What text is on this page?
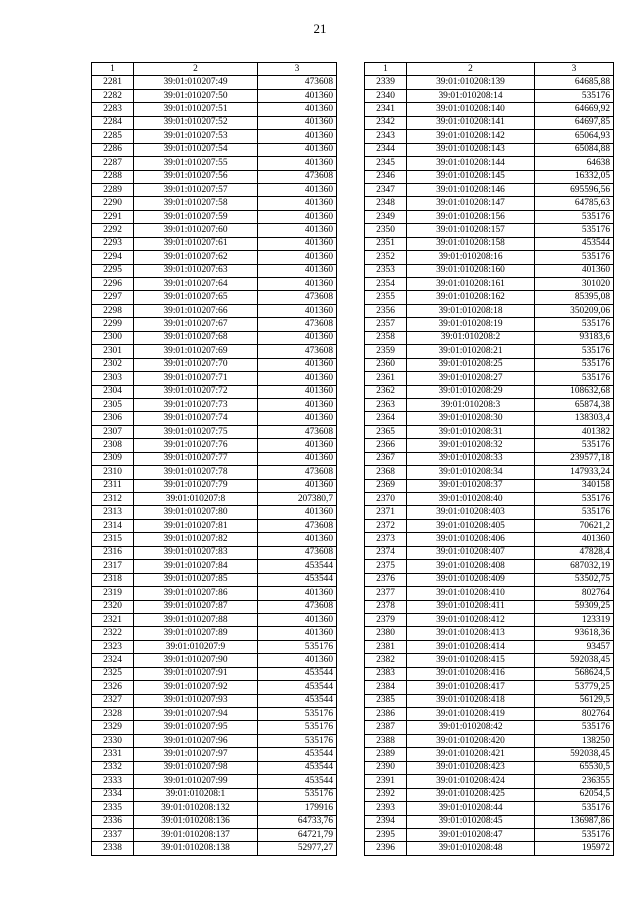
21
1	2	3
2281	39:01:010207:49	473608
2282	39:01:010207:50	401360
2283	39:01:010207:51	401360
2284	39:01:010207:52	401360
2285	39:01:010207:53	401360
2286	39:01:010207:54	401360
2287	39:01:010207:55	401360
2288	39:01:010207:56	473608
2289	39:01:010207:57	401360
2290	39:01:010207:58	401360
2291	39:01:010207:59	401360
2292	39:01:010207:60	401360
2293	39:01:010207:61	401360
2294	39:01:010207:62	401360
2295	39:01:010207:63	401360
2296	39:01:010207:64	401360
2297	39:01:010207:65	473608
2298	39:01:010207:66	401360
2299	39:01:010207:67	473608
2300	39:01:010207:68	401360
2301	39:01:010207:69	473608
2302	39:01:010207:70	401360
2303	39:01:010207:71	401360
2304	39:01:010207:72	401360
2305	39:01:010207:73	401360
2306	39:01:010207:74	401360
2307	39:01:010207:75	473608
2308	39:01:010207:76	401360
2309	39:01:010207:77	401360
2310	39:01:010207:78	473608
2311	39:01:010207:79	401360
2312	39:01:010207:8	207380,7
2313	39:01:010207:80	401360
2314	39:01:010207:81	473608
2315	39:01:010207:82	401360
2316	39:01:010207:83	473608
2317	39:01:010207:84	453544
2318	39:01:010207:85	453544
2319	39:01:010207:86	401360
2320	39:01:010207:87	473608
2321	39:01:010207:88	401360
2322	39:01:010207:89	401360
2323	39:01:010207:9	535176
2324	39:01:010207:90	401360
2325	39:01:010207:91	453544
2326	39:01:010207:92	453544
2327	39:01:010207:93	453544
2328	39:01:010207:94	535176
2329	39:01:010207:95	535176
2330	39:01:010207:96	535176
2331	39:01:010207:97	453544
2332	39:01:010207:98	453544
2333	39:01:010207:99	453544
2334	39:01:010208:1	535176
2335	39:01:010208:132	179916
2336	39:01:010208:136	64733,76
2337	39:01:010208:137	64721,79
2338	39:01:010208:138	52977,27
1	2	3
2339	39:01:010208:139	64685,88
2340	39:01:010208:14	535176
2341	39:01:010208:140	64669,92
2342	39:01:010208:141	64697,85
2343	39:01:010208:142	65064,93
2344	39:01:010208:143	65084,88
2345	39:01:010208:144	64638
2346	39:01:010208:145	16332,05
2347	39:01:010208:146	695596,56
2348	39:01:010208:147	64785,63
2349	39:01:010208:156	535176
2350	39:01:010208:157	535176
2351	39:01:010208:158	453544
2352	39:01:010208:16	535176
2353	39:01:010208:160	401360
2354	39:01:010208:161	301020
2355	39:01:010208:162	85395,08
2356	39:01:010208:18	350209,06
2357	39:01:010208:19	535176
2358	39:01:010208:2	93183,6
2359	39:01:010208:21	535176
2360	39:01:010208:25	535176
2361	39:01:010208:27	535176
2362	39:01:010208:29	108632,68
2363	39:01:010208:3	65874,38
2364	39:01:010208:30	138303,4
2365	39:01:010208:31	401382
2366	39:01:010208:32	535176
2367	39:01:010208:33	239577,18
2368	39:01:010208:34	147933,24
2369	39:01:010208:37	340158
2370	39:01:010208:40	535176
2371	39:01:010208:403	535176
2372	39:01:010208:405	70621,2
2373	39:01:010208:406	401360
2374	39:01:010208:407	47828,4
2375	39:01:010208:408	687032,19
2376	39:01:010208:409	53502,75
2377	39:01:010208:410	802764
2378	39:01:010208:411	59309,25
2379	39:01:010208:412	123319
2380	39:01:010208:413	93618,36
2381	39:01:010208:414	93457
2382	39:01:010208:415	592038,45
2383	39:01:010208:416	568624,5
2384	39:01:010208:417	53779,25
2385	39:01:010208:418	56129,5
2386	39:01:010208:419	802764
2387	39:01:010208:42	535176
2388	39:01:010208:420	138250
2389	39:01:010208:421	592038,45
2390	39:01:010208:423	65530,5
2391	39:01:010208:424	236355
2392	39:01:010208:425	62054,5
2393	39:01:010208:44	535176
2394	39:01:010208:45	136987,86
2395	39:01:010208:47	535176
2396	39:01:010208:48	195972
